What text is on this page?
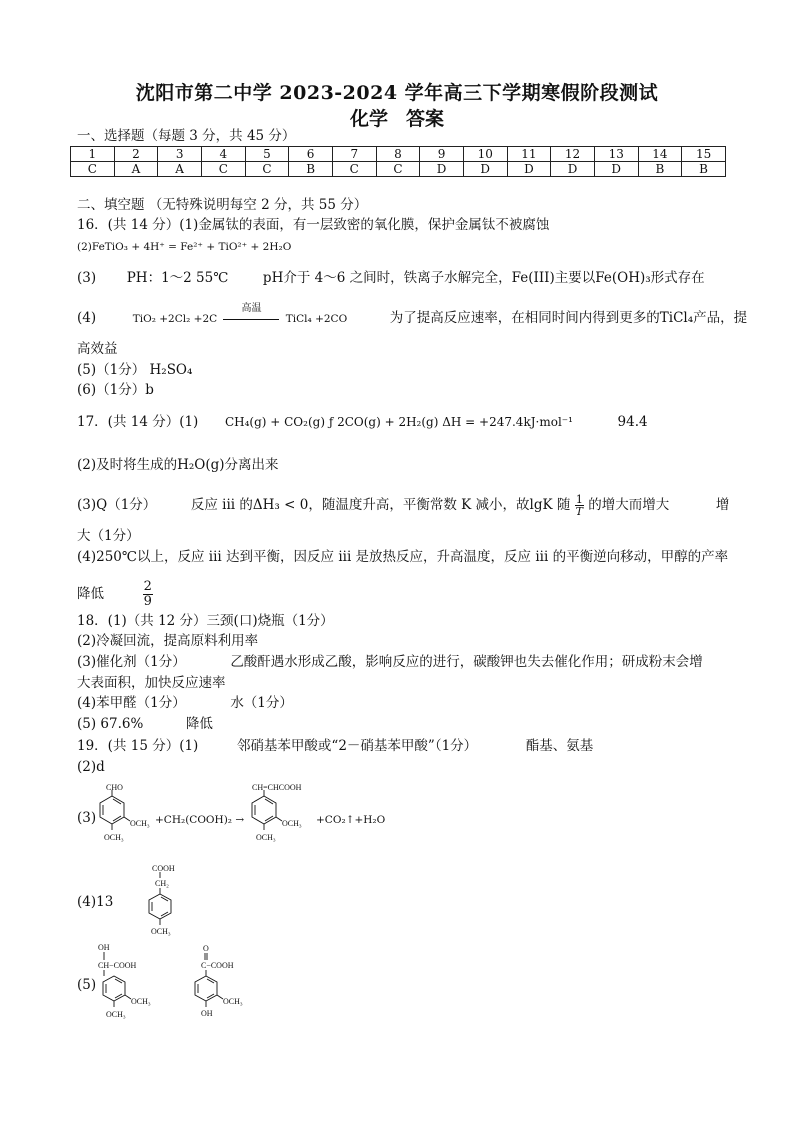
沈阳市第二中学 2023-2024 学年高三下学期寒假阶段测试
化学 答案
一、选择题（每题 3 分，共 45 分）
1	2	3	4	5	6	7	8	9	10	11	12	13	14	15
C	A	A	C	C	B	C	C	D	D	D	D	D	B	B
二、填空题 （无特殊说明每空 2 分，共 55 分）
16．(共 14 分）(1)金属钛的表面，有一层致密的氧化膜，保护金属钛不被腐蚀
(2)FeTiO₃ + 4H⁺ = Fe²⁺ + TiO²⁺ + 2H₂O
(3) PH：1～2 55℃	pH介于 4～6 之间时，铁离子水解完全，Fe(III)主要以Fe(OH)₃形式存在
(4)	TiO₂ +2Cl₂ +2C
高温
TiCl₄ +2CO	为了提高反应速率，在相同时间内得到更多的TiCl₄产品，提
高效益
(5)（1分） H₂SO₄
(6)（1分）b
17．(共 14 分）(1) CH₄(g) + CO₂(g) ƒ 2CO(g) + 2H₂(g) ΔH = +247.4kJ·mol⁻¹	94.4
(2)及时将生成的H₂O(g)分离出来
(3)Q（1分）	反应 iii 的ΔH₃ < 0，随温度升高，平衡常数 K 减小，故lgK 随 $\frac{1}{T}$ 的增大而增大	增
大（1分）
(4)250℃以上，反应 iii 达到平衡，因反应 iii 是放热反应，升高温度，反应 iii 的平衡逆向移动，甲醇的产率
降低	$\frac{2}{9}$
18．(1)（共 12 分）三颈(口)烧瓶（1分）
(2)冷凝回流，提高原料利用率
(3)催化剂（1分）	乙酸酐遇水形成乙酸，影响反应的进行，碳酸钾也失去催化作用；研成粉末会增
大表面积，加快反应速率
(4)苯甲醛（1分）	水（1分）
(5) 67.6%	降低
19．(共 15 分）(1)	邻硝基苯甲酸或“2－硝基苯甲酸”（1分）	酯基、氨基
(2)d
(3)
CHO
OCH₃
OCH₃
+CH₂(COOH)₂ →
CH=CHCOOH
OCH₃
OCH₃
+CO₂↑+H₂O
(4)13
COOH
CH₂
OCH₃
(5)
OH
CH−COOH
OCH₃
OCH₃
O
C−COOH
OCH₃
OH
